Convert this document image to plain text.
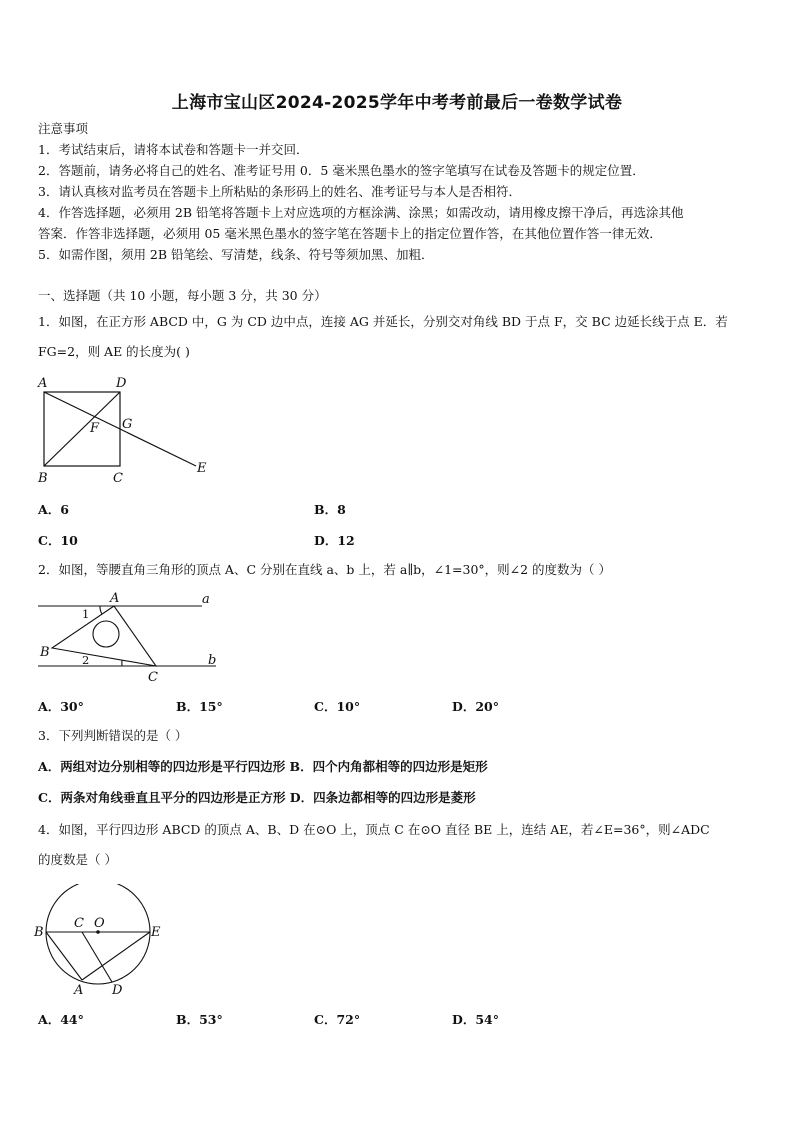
上海市宝山区2024-2025学年中考考前最后一卷数学试卷
注意事项
1．考试结束后，请将本试卷和答题卡一并交回．
2．答题前，请务必将自己的姓名、准考证号用 0．5 毫米黑色墨水的签字笔填写在试卷及答题卡的规定位置．
3．请认真核对监考员在答题卡上所粘贴的条形码上的姓名、准考证号与本人是否相符．
4．作答选择题，必须用 2B 铅笔将答题卡上对应选项的方框涂满、涂黑；如需改动，请用橡皮擦干净后，再选涂其他
答案．作答非选择题，必须用 05 毫米黑色墨水的签字笔在答题卡上的指定位置作答，在其他位置作答一律无效．
5．如需作图，须用 2B 铅笔绘、写清楚，线条、符号等须加黑、加粗．
一、选择题（共 10 小题，每小题 3 分，共 30 分）
1．如图，在正方形 ABCD 中，G 为 CD 边中点，连接 AG 并延长，分别交对角线 BD 于点 F，交 BC 边延长线于点 E．若
FG=2，则 AE 的长度为( )
A	D
F G
B	C
E
A．6	B．8
C．10	D．12
2．如图，等腰直角三角形的顶点 A、C 分别在直线 a、b 上，若 a∥b，∠1=30°，则∠2 的度数为（ ）
A	a
1
B	2	b
C
A．30°	B．15°	C．10°	D．20°
3．下列判断错误的是（ ）
A．两组对边分别相等的四边形是平行四边形 B．四个内角都相等的四边形是矩形
C．两条对角线垂直且平分的四边形是正方形 D．四条边都相等的四边形是菱形
4．如图，平行四边形 ABCD 的顶点 A、B、D 在⊙O 上，顶点 C 在⊙O 直径 BE 上，连结 AE，若∠E=36°，则∠ADC
的度数是（ ）
B
C O
E
A D
A．44°	B．53°	C．72°	D．54°
